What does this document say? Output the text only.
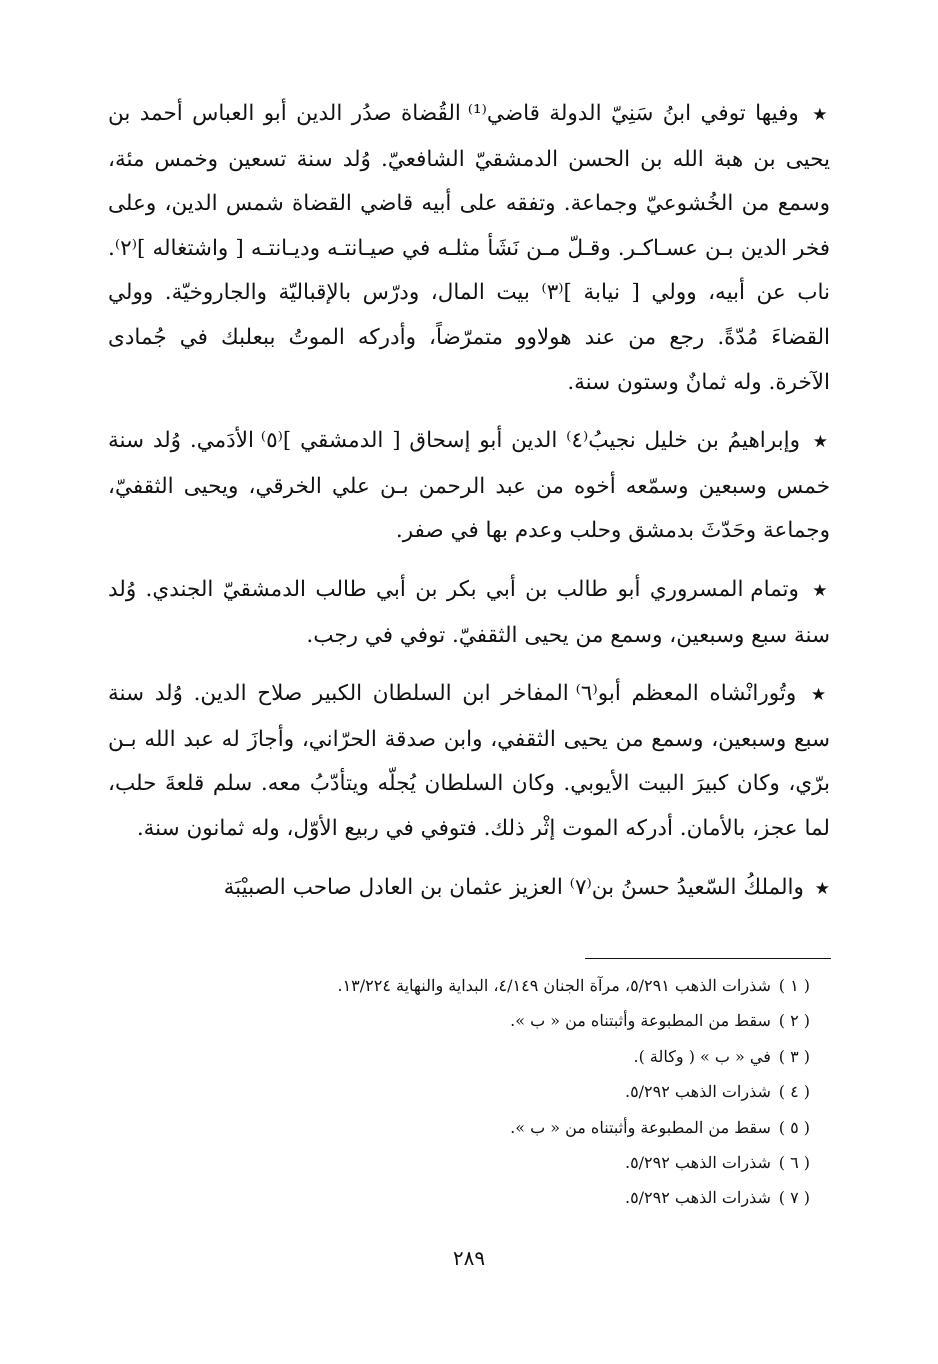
★ وفيها توفي ابنُ سَنِيّ الدولة قاضي⁽¹⁾ القُضاة صدُر الدين أبو العباس أحمد بن يحيى بن هبة الله بن الحسن الدمشقيّ الشافعيّ. وُلد سنة تسعين وخمس مئة، وسمع من الخُشوعيّ وجماعة. وتفقه على أبيه قاضي القضاة شمس الدين، وعلى فخر الدين بـن عسـاكـر. وقـلّ مـن نَشَأ مثلـه في صيـانتـه وديـانتـه [ واشتغاله ]⁽٢⁾. ناب عن أبيه، وولي [ نيابة ]⁽٣⁾ بيت المال، ودرّس بالإقباليّة والجاروخيّة. وولي القضاءَ مُدّةً. رجع من عند هولاوو متمرّضاً، وأدركه الموتُ ببعلبك في جُمادى الآخرة. وله ثمانٌ وستون سنة.

★ وإبراهيمُ بن خليل نجيبُ⁽٤⁾ الدين أبو إسحاق [ الدمشقي ]⁽٥⁾ الأدَمي. وُلد سنة خمس وسبعين وسمّعه أخوه من عبد الرحمن بـن علي الخرقي، ويحيى الثقفيّ، وجماعة وحَدّثَ بدمشق وحلب وعدم بها في صفر.

★ وتمام المسروري أبو طالب بن أبي بكر بن أبي طالب الدمشقيّ الجندي. وُلد سنة سبع وسبعين، وسمع من يحيى الثقفيّ. توفي في رجب.

★ وتُورانْشاه المعظم أبو⁽٦⁾ المفاخر ابن السلطان الكبير صلاح الدين. وُلد سنة سبع وسبعين، وسمع من يحيى الثقفي، وابن صدقة الحرّاني، وأجازَ له عبد الله بـن برّي، وكان كبيرَ البيت الأيوبي. وكان السلطان يُجلّه ويتأدّبُ معه. سلم قلعةَ حلب، لما عجز، بالأمان. أدركه الموت إثْر ذلك. فتوفي في ربيع الأوّل، وله ثمانون سنة.

★ والملكُ السّعيدُ حسنُ بن⁽٧⁾ العزيز عثمان بن العادل صاحب الصبيْبَة

( ١ ) شذرات الذهب ٥/٢٩١، مرآة الجنان ٤/١٤٩، البداية والنهاية ١٣/٢٢٤.

( ٢ ) سقط من المطبوعة وأثبتناه من « ب ».

( ٣ ) في « ب » ( وكالة ).

( ٤ ) شذرات الذهب ٥/٢٩٢.

( ٥ ) سقط من المطبوعة وأثبتناه من « ب ».

( ٦ ) شذرات الذهب ٥/٢٩٢.

( ٧ ) شذرات الذهب ٥/٢٩٢.

٢٨٩
